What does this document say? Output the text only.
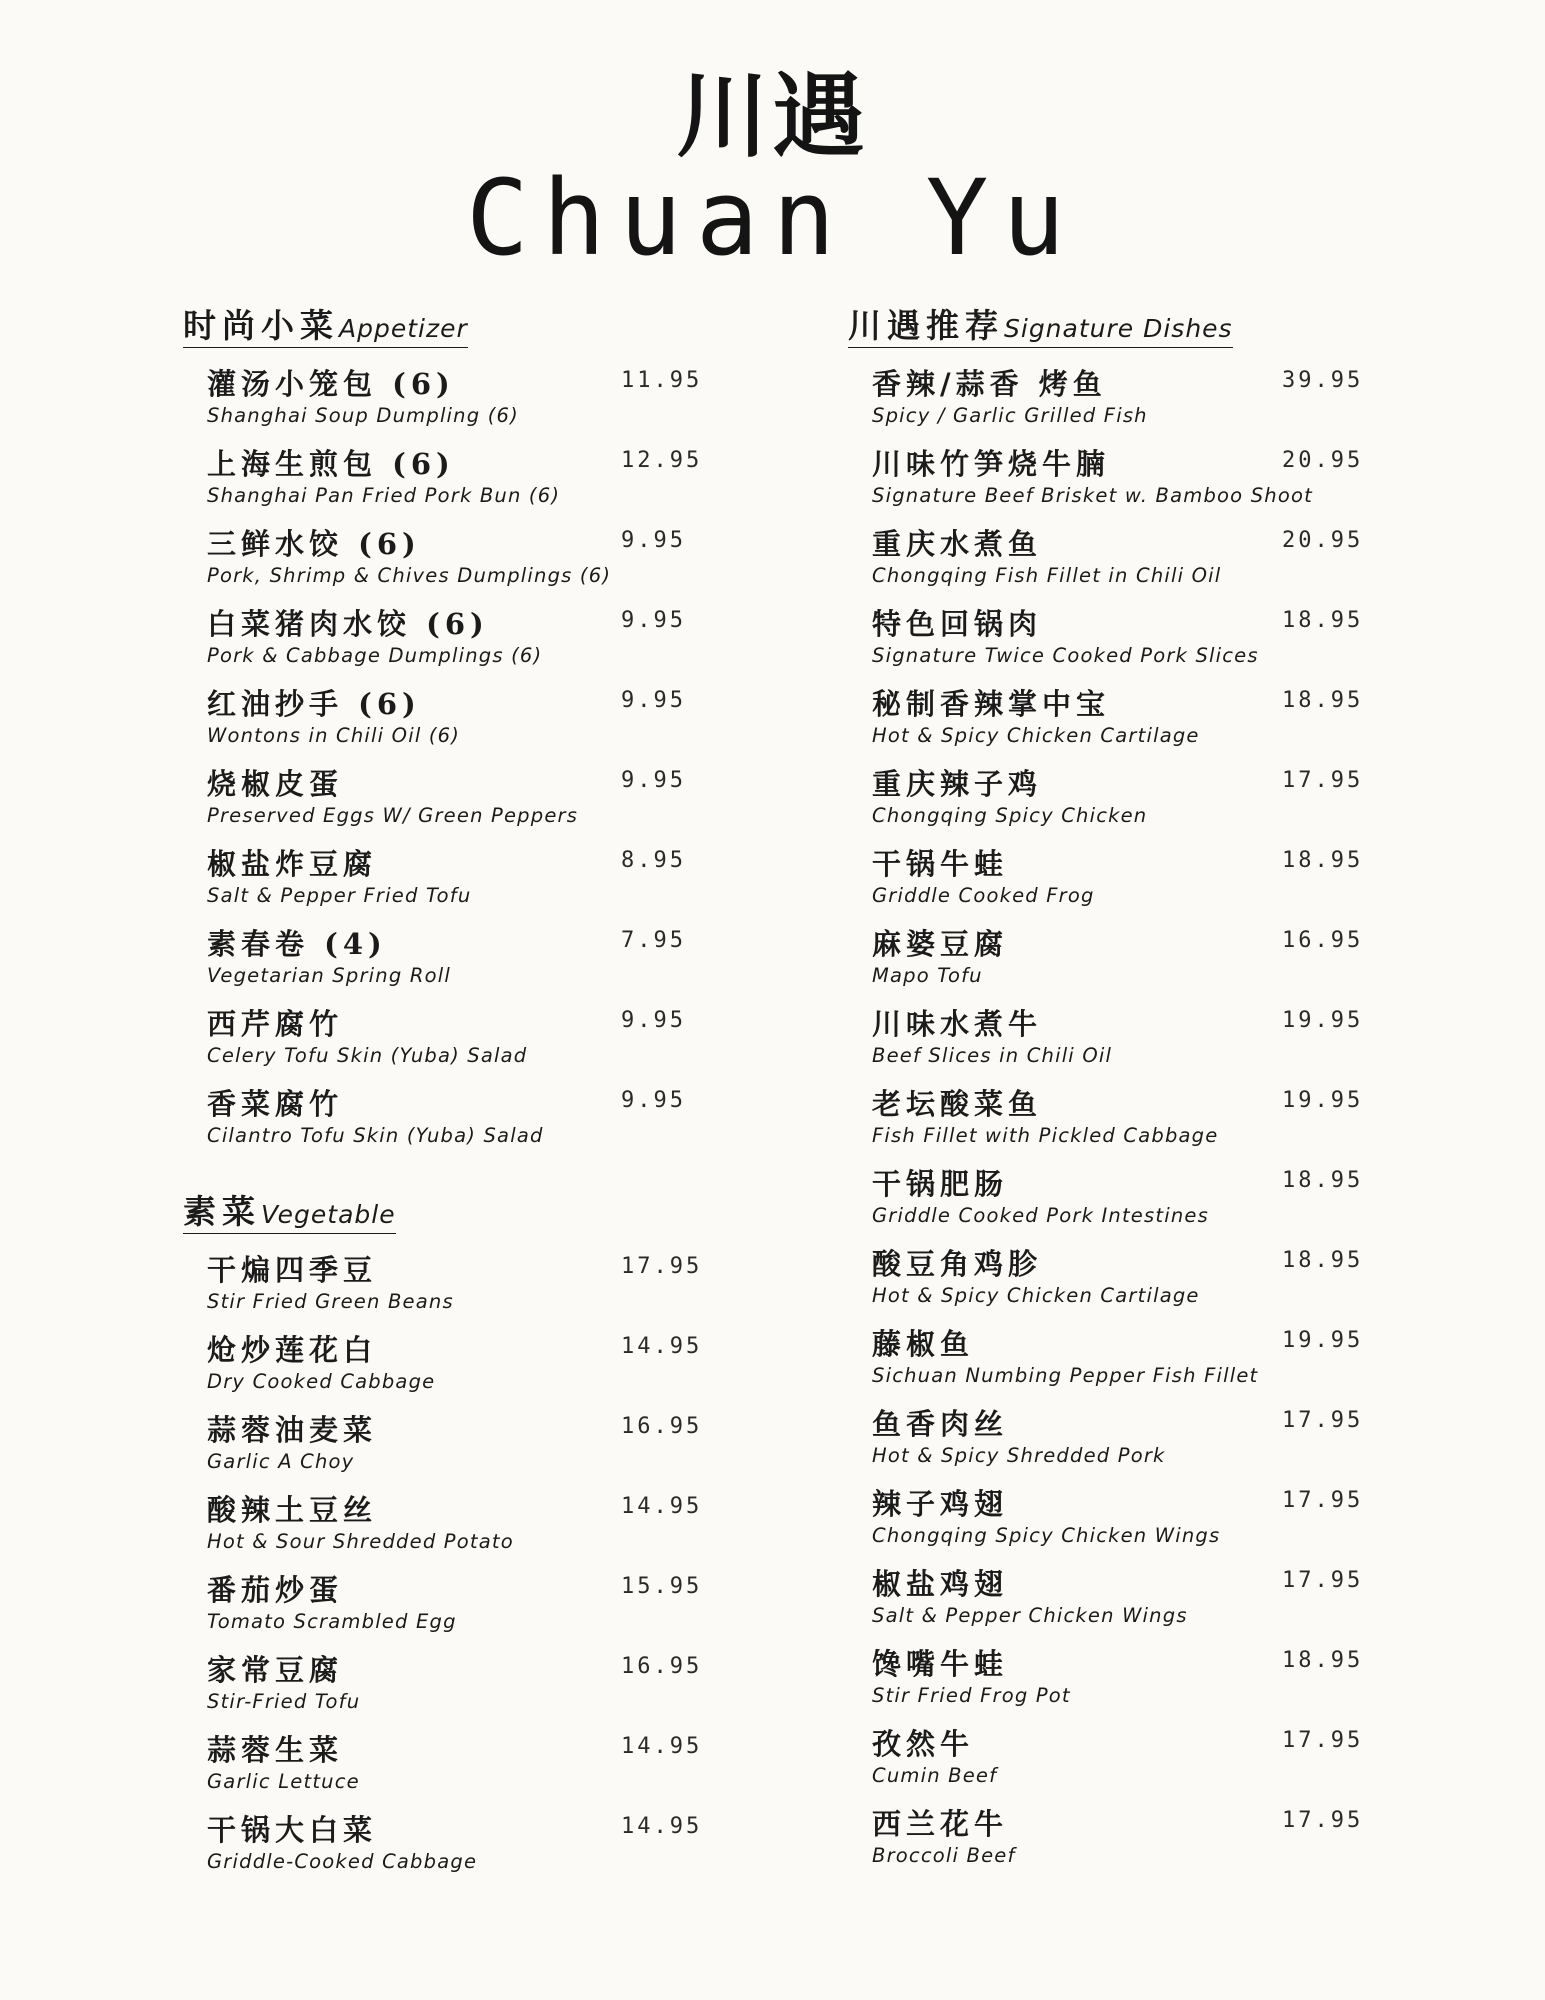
川遇
Chuan Yu
时尚小菜Appetizer
灌汤小笼包 (6)
Shanghai Soup Dumpling (6)
11.95
上海生煎包 (6)
Shanghai Pan Fried Pork Bun (6)
12.95
三鲜水饺 (6)
Pork, Shrimp & Chives Dumplings (6)
9.95
白菜猪肉水饺 (6)
Pork & Cabbage Dumplings (6)
9.95
红油抄手 (6)
Wontons in Chili Oil (6)
9.95
烧椒皮蛋
Preserved Eggs W/ Green Peppers
9.95
椒盐炸豆腐
Salt & Pepper Fried Tofu
8.95
素春卷 (4)
Vegetarian Spring Roll
7.95
西芹腐竹
Celery Tofu Skin (Yuba) Salad
9.95
香菜腐竹
Cilantro Tofu Skin (Yuba) Salad
9.95
素菜Vegetable
干煸四季豆
Stir Fried Green Beans
17.95
炝炒莲花白
Dry Cooked Cabbage
14.95
蒜蓉油麦菜
Garlic A Choy
16.95
酸辣土豆丝
Hot & Sour Shredded Potato
14.95
番茄炒蛋
Tomato Scrambled Egg
15.95
家常豆腐
Stir-Fried Tofu
16.95
蒜蓉生菜
Garlic Lettuce
14.95
干锅大白菜
Griddle-Cooked Cabbage
14.95
川遇推荐Signature Dishes
香辣/蒜香 烤鱼
Spicy / Garlic Grilled Fish
39.95
川味竹笋烧牛腩
Signature Beef Brisket w. Bamboo Shoot
20.95
重庆水煮鱼
Chongqing Fish Fillet in Chili Oil
20.95
特色回锅肉
Signature Twice Cooked Pork Slices
18.95
秘制香辣掌中宝
Hot & Spicy Chicken Cartilage
18.95
重庆辣子鸡
Chongqing Spicy Chicken
17.95
干锅牛蛙
Griddle Cooked Frog
18.95
麻婆豆腐
Mapo Tofu
16.95
川味水煮牛
Beef Slices in Chili Oil
19.95
老坛酸菜鱼
Fish Fillet with Pickled Cabbage
19.95
干锅肥肠
Griddle Cooked Pork Intestines
18.95
酸豆角鸡胗
Hot & Spicy Chicken Cartilage
18.95
藤椒鱼
Sichuan Numbing Pepper Fish Fillet
19.95
鱼香肉丝
Hot & Spicy Shredded Pork
17.95
辣子鸡翅
Chongqing Spicy Chicken Wings
17.95
椒盐鸡翅
Salt & Pepper Chicken Wings
17.95
馋嘴牛蛙
Stir Fried Frog Pot
18.95
孜然牛
Cumin Beef
17.95
西兰花牛
Broccoli Beef
17.95
